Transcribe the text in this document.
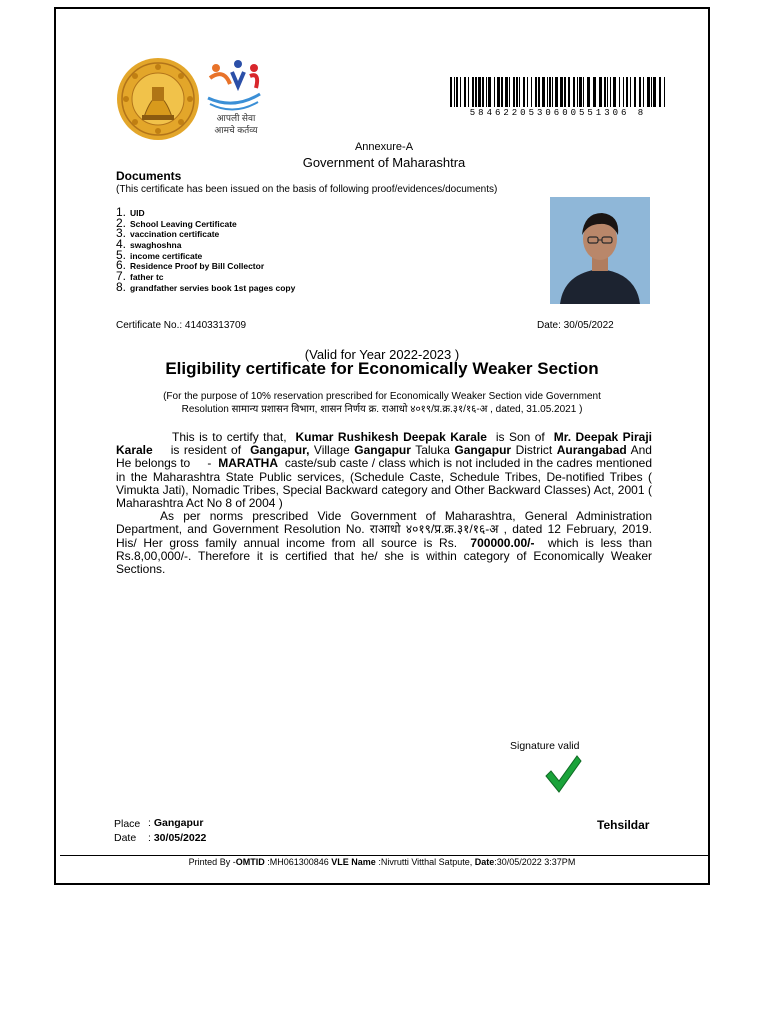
आपली सेवा
आमचे कर्तव्य
5846220530600551306 8
Annexure-A
Government of Maharashtra
Documents
(This certificate has been issued on the basis of following proof/evidences/documents)
1. UID
2. School Leaving Certificate
3. vaccination certificate
4. swaghoshna
5. income certificate
6. Residence Proof by Bill Collector
7. father tc
8. grandfather servies book 1st pages copy
Certificate No.: 41403313709	Date: 30/05/2022
(Valid for Year 2022-2023 )
Eligibility certificate for Economically Weaker Section
(For the purpose of 10% reservation prescribed for Economically Weaker Section vide Government
Resolution सामान्य प्रशासन विभाग, शासन निर्णय क्र. राआधो ४०१९/प्र.क्र.३१/१६-अ , dated, 31.05.2021 )

This is to certify that, Kumar Rushikesh Deepak Karale is Son of Mr. Deepak Piraji Karale is resident of Gangapur, Village Gangapur Taluka Gangapur District Aurangabad And He belongs to - MARATHA caste/sub caste / class which is not included in the cadres mentioned in the Maharashtra State Public services, (Schedule Caste, Schedule Tribes, De-notified Tribes ( Vimukta Jati), Nomadic Tribes, Special Backward category and Other Backward Classes) Act, 2001 ( Maharashtra Act No 8 of 2004 )

As per norms prescribed Vide Government of Maharashtra, General Administration Department, and Government Resolution No. राआधो ४०१९/प्र.क्र.३१/१६-अ , dated 12 February, 2019. His/ Her gross family annual income from all source is Rs. 700000.00/- which is less than Rs.8,00,000/-. Therefore it is certified that he/ she is within category of Economically Weaker Sections.

Signature valid
Place
Date
: Gangapur
: 30/05/2022
Tehsildar
Printed By -OMTID :MH061300846 VLE Name :Nivrutti Vitthal Satpute, Date:30/05/2022 3:37PM
